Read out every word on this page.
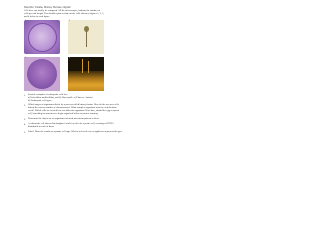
Describe: Volume, Motion, Nucleus, Organic
Cell sizes can widely be compared. All the microscopes, indicate the number of
cells per unit length. You should report to find out the cells shown in figures 1, 2, 3,
and 4 below in each figure.
1	2
3	4
1. Provide examples of eukaryotic cells for:
a) Unicellular multicellular, and b) Non-motile; c) Plant vs. Animal
d) Prokaryotic cell types
2. Which stages of organisms divide by a process called binary fission. How do the two new cells
inherit the correct number of chromosomes? What complex organisms form in each division
event? Which cells are needed here for different organisms. How then, should the egg or sperm
cell, launching its structures to begin organized below to protect forming.
3. Determine the object for an organisms oriented movement pattern in these.
4. A eukaryotic cell shows that daughter's nuclei need to be a poster cell, ensuring cell DNA
distributed to each of them.
5. Label: Draw the results as separate cell type. What a red circle over it applies to represent the type.
